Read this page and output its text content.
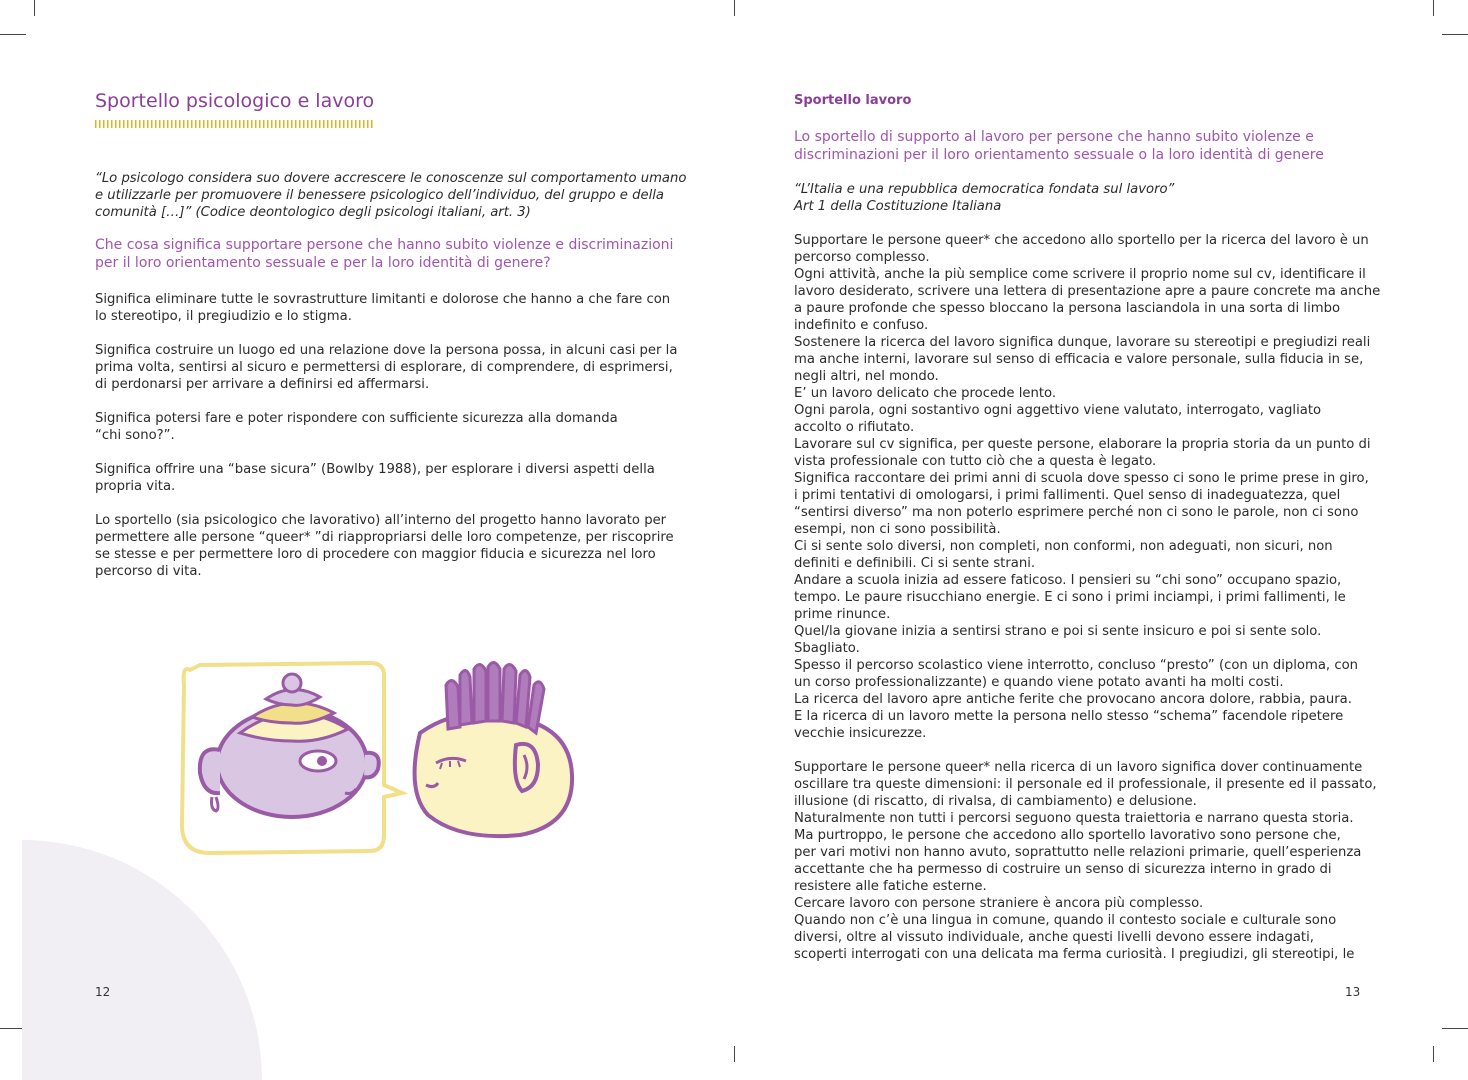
Sportello psicologico e lavoro

“Lo psicologo considera suo dovere accrescere le conoscenze sul comportamento umano
e utilizzarle per promuovere il benessere psicologico dell’individuo, del gruppo e della
comunità […]” (Codice deontologico degli psicologi italiani, art. 3)

Che cosa significa supportare persone che hanno subito violenze e discriminazioni
per il loro orientamento sessuale e per la loro identità di genere?

Significa eliminare tutte le sovrastrutture limitanti e dolorose che hanno a che fare con
lo stereotipo, il pregiudizio e lo stigma.

Significa costruire un luogo ed una relazione dove la persona possa, in alcuni casi per la
prima volta, sentirsi al sicuro e permettersi di esplorare, di comprendere, di esprimersi,
di perdonarsi per arrivare a definirsi ed affermarsi.

Significa potersi fare e poter rispondere con sufficiente sicurezza alla domanda
“chi sono?”.

Significa offrire una “base sicura” (Bowlby 1988), per esplorare i diversi aspetti della
propria vita.

Lo sportello (sia psicologico che lavorativo) all’interno del progetto hanno lavorato per
permettere alle persone “queer* ”di riappropriarsi delle loro competenze, per riscoprire
se stesse e per permettere loro di procedere con maggior fiducia e sicurezza nel loro
percorso di vita.

12
Sportello lavoro

Lo sportello di supporto al lavoro per persone che hanno subito violenze e
discriminazioni per il loro orientamento sessuale o la loro identità di genere

“L’Italia e una repubblica democratica fondata sul lavoro”
Art 1 della Costituzione Italiana

Supportare le persone queer* che accedono allo sportello per la ricerca del lavoro è un
percorso complesso.
Ogni attività, anche la più semplice come scrivere il proprio nome sul cv, identificare il
lavoro desiderato, scrivere una lettera di presentazione apre a paure concrete ma anche
a paure profonde che spesso bloccano la persona lasciandola in una sorta di limbo
indefinito e confuso.
Sostenere la ricerca del lavoro significa dunque, lavorare su stereotipi e pregiudizi reali
ma anche interni, lavorare sul senso di efficacia e valore personale, sulla fiducia in se,
negli altri, nel mondo.
E’ un lavoro delicato che procede lento.
Ogni parola, ogni sostantivo ogni aggettivo viene valutato, interrogato, vagliato
accolto o rifiutato.
Lavorare sul cv significa, per queste persone, elaborare la propria storia da un punto di
vista professionale con tutto ciò che a questa è legato.
Significa raccontare dei primi anni di scuola dove spesso ci sono le prime prese in giro,
i primi tentativi di omologarsi, i primi fallimenti. Quel senso di inadeguatezza, quel
“sentirsi diverso” ma non poterlo esprimere perché non ci sono le parole, non ci sono
esempi, non ci sono possibilità.
Ci si sente solo diversi, non completi, non conformi, non adeguati, non sicuri, non
definiti e definibili. Ci si sente strani.
Andare a scuola inizia ad essere faticoso. I pensieri su “chi sono” occupano spazio,
tempo. Le paure risucchiano energie. E ci sono i primi inciampi, i primi fallimenti, le
prime rinunce.
Quel/la giovane inizia a sentirsi strano e poi si sente insicuro e poi si sente solo.
Sbagliato.
Spesso il percorso scolastico viene interrotto, concluso “presto” (con un diploma, con
un corso professionalizzante) e quando viene potato avanti ha molti costi.
La ricerca del lavoro apre antiche ferite che provocano ancora dolore, rabbia, paura.
E la ricerca di un lavoro mette la persona nello stesso “schema” facendole ripetere
vecchie insicurezze.

Supportare le persone queer* nella ricerca di un lavoro significa dover continuamente
oscillare tra queste dimensioni: il personale ed il professionale, il presente ed il passato,
illusione (di riscatto, di rivalsa, di cambiamento) e delusione.
Naturalmente non tutti i percorsi seguono questa traiettoria e narrano questa storia.
Ma purtroppo, le persone che accedono allo sportello lavorativo sono persone che,
per vari motivi non hanno avuto, soprattutto nelle relazioni primarie, quell’esperienza
accettante che ha permesso di costruire un senso di sicurezza interno in grado di
resistere alle fatiche esterne.
Cercare lavoro con persone straniere è ancora più complesso.
Quando non c’è una lingua in comune, quando il contesto sociale e culturale sono
diversi, oltre al vissuto individuale, anche questi livelli devono essere indagati,
scoperti interrogati con una delicata ma ferma curiosità. I pregiudizi, gli stereotipi, le

13
